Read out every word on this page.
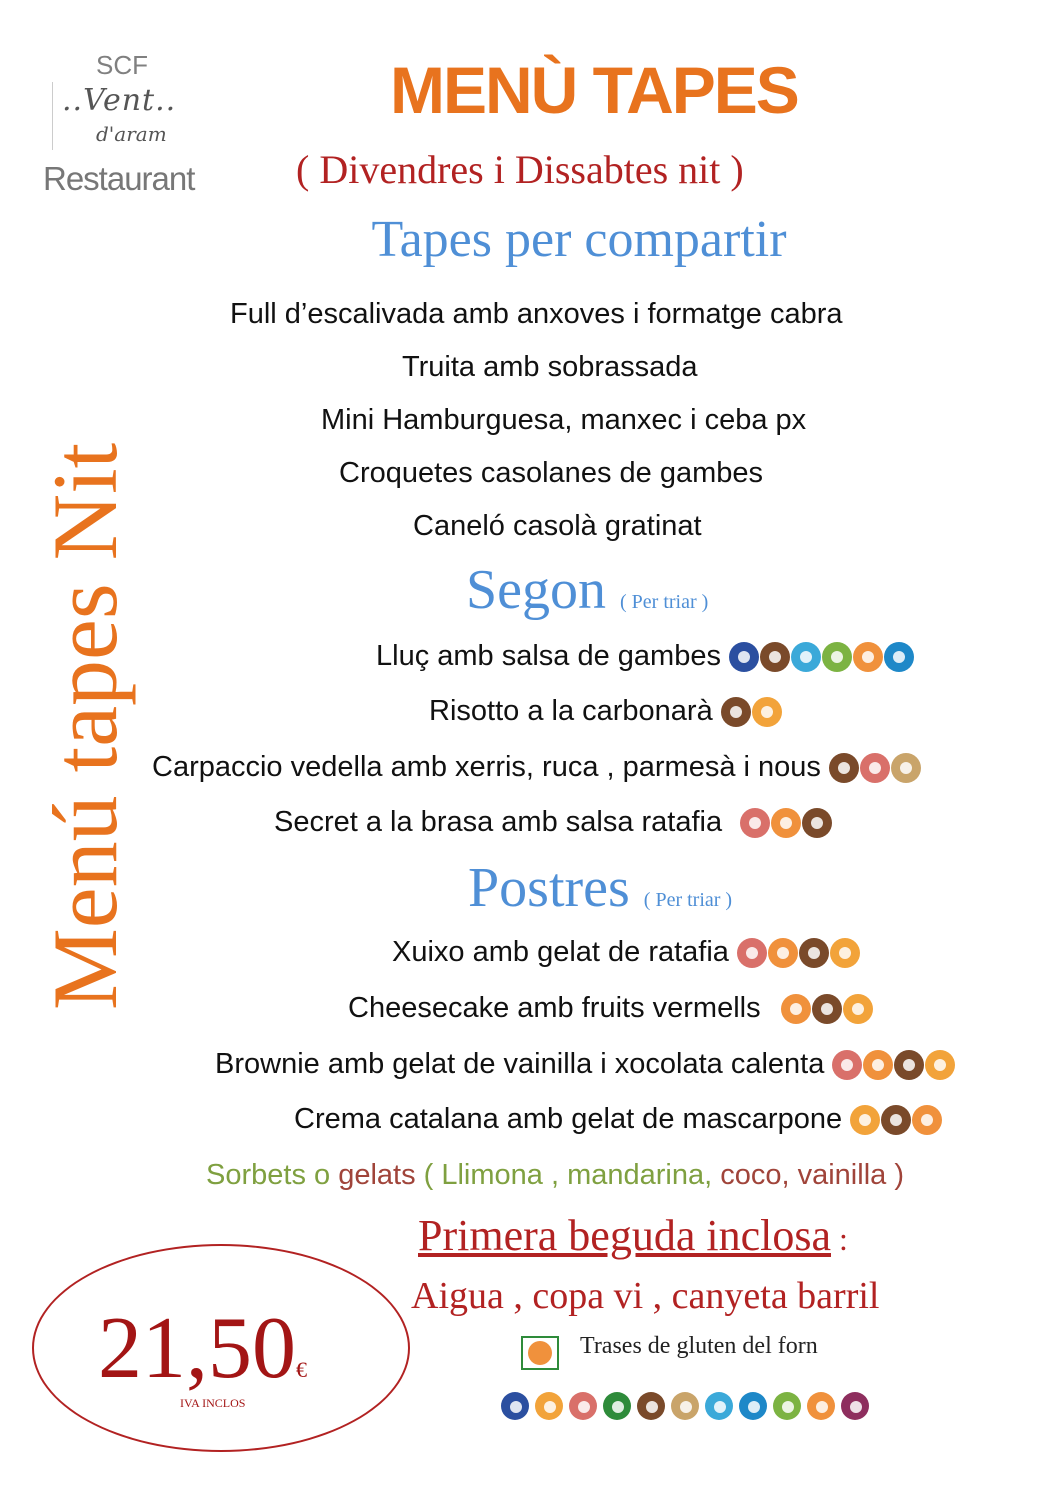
SCF
..Vent..
d'aram
Restaurant
MENÙ TAPES
( Divendres i Dissabtes nit )
Tapes per compartir
Menú tapes Nit
Full d’escalivada amb anxoves i formatge cabra
Truita amb sobrassada
Mini Hamburguesa, manxec i ceba px
Croquetes casolanes de gambes
Caneló casolà gratinat
Segon ( Per triar )
Lluç amb salsa de gambes
Risotto a la carbonarà
Carpaccio vedella amb xerris, ruca , parmesà i nous
Secret a la brasa amb salsa ratafia
Postres ( Per triar )
Xuixo amb gelat de ratafia
Cheesecake amb fruits vermells
Brownie amb gelat de vainilla i xocolata calenta
Crema catalana amb gelat de mascarpone
Sorbets o gelats ( Llimona , mandarina, coco, vainilla )
Primera beguda inclosa :
Aigua , copa vi , canyeta barril
21,50€
IVA INCLOS
Trases de gluten del forn
